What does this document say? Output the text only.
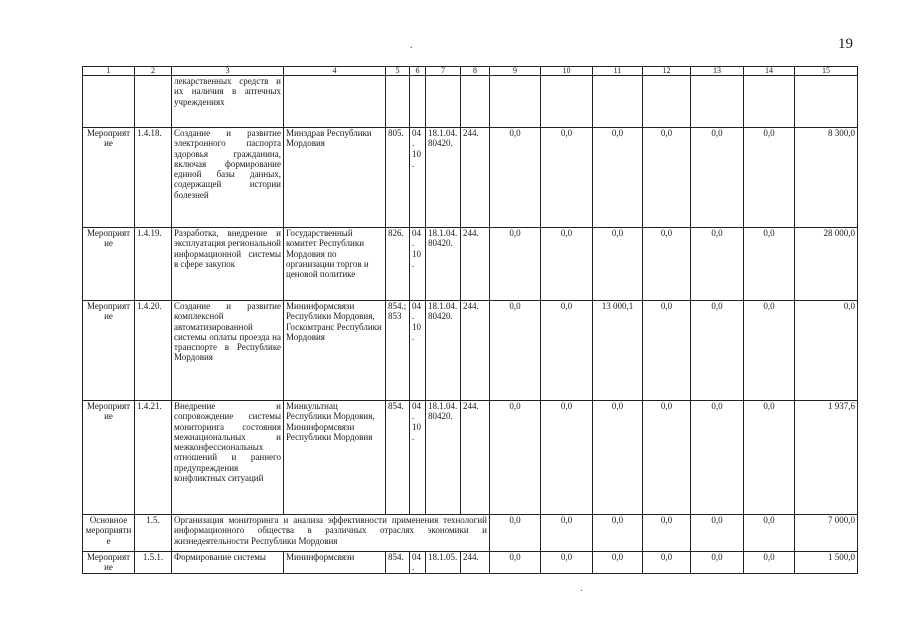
19
.
.
1	2	3	4	5	6	7	8	9	10	11	12	13	14	15
		лекарственных средств и их наличия в аптечных учреждениях												
Мероприятие	1.4.18.	Создание и развитие электронного паспорта здоровья гражданина, включая формирование единой базы данных, содержащей истории болезней	Минздрав Республики Мордовия	805.	04. 10.	18.1.04. 80420.	244.	0,0	0,0	0,0	0,0	0,0	0,0	8 300,0
Мероприятие	1.4.19.	Разработка, внедрение и эксплуатация региональной информационной системы в сфере закупок	Государственный комитет Республики Мордовия по организации торгов и ценовой политике	826.	04. 10.	18.1.04. 80420.	244.	0,0	0,0	0,0	0,0	0,0	0,0	28 000,0
Мероприятие	1.4.20.	Создание и развитие комплексной автоматизированной системы оплаты проезда на транспорте в Республике Мордовия	Мининформсвязи Республики Мордовия, Госкомтранс Республики Мордовия	854.; 853	04. 10.	18.1.04. 80420.	244.	0,0	0,0	13 000,1	0,0	0,0	0,0	0,0
Мероприятие	1.4.21.	Внедрение и сопровождение системы мониторинга состояния межнациональных и межконфессиональных отношений и раннего предупреждения конфликтных ситуаций	Минкультнац Республики Мордовия, Мининформсвязи Республики Мордовия	854.	04. 10.	18.1.04. 80420.	244.	0,0	0,0	0,0	0,0	0,0	0,0	1 937,6
Основное мероприятие	1.5.	Организация мониторинга и анализа эффективности применения технологий информационного общества в различных отраслях экономики и жизнедеятельности Республики Мордовия						0,0	0,0	0,0	0,0	0,0	0,0	7 000,0
Мероприятие	1.5.1.	Формирование системы	Мининформсвязи	854.	04.	18.1.05.	244.	0,0	0,0	0,0	0,0	0,0	0,0	1 500,0
